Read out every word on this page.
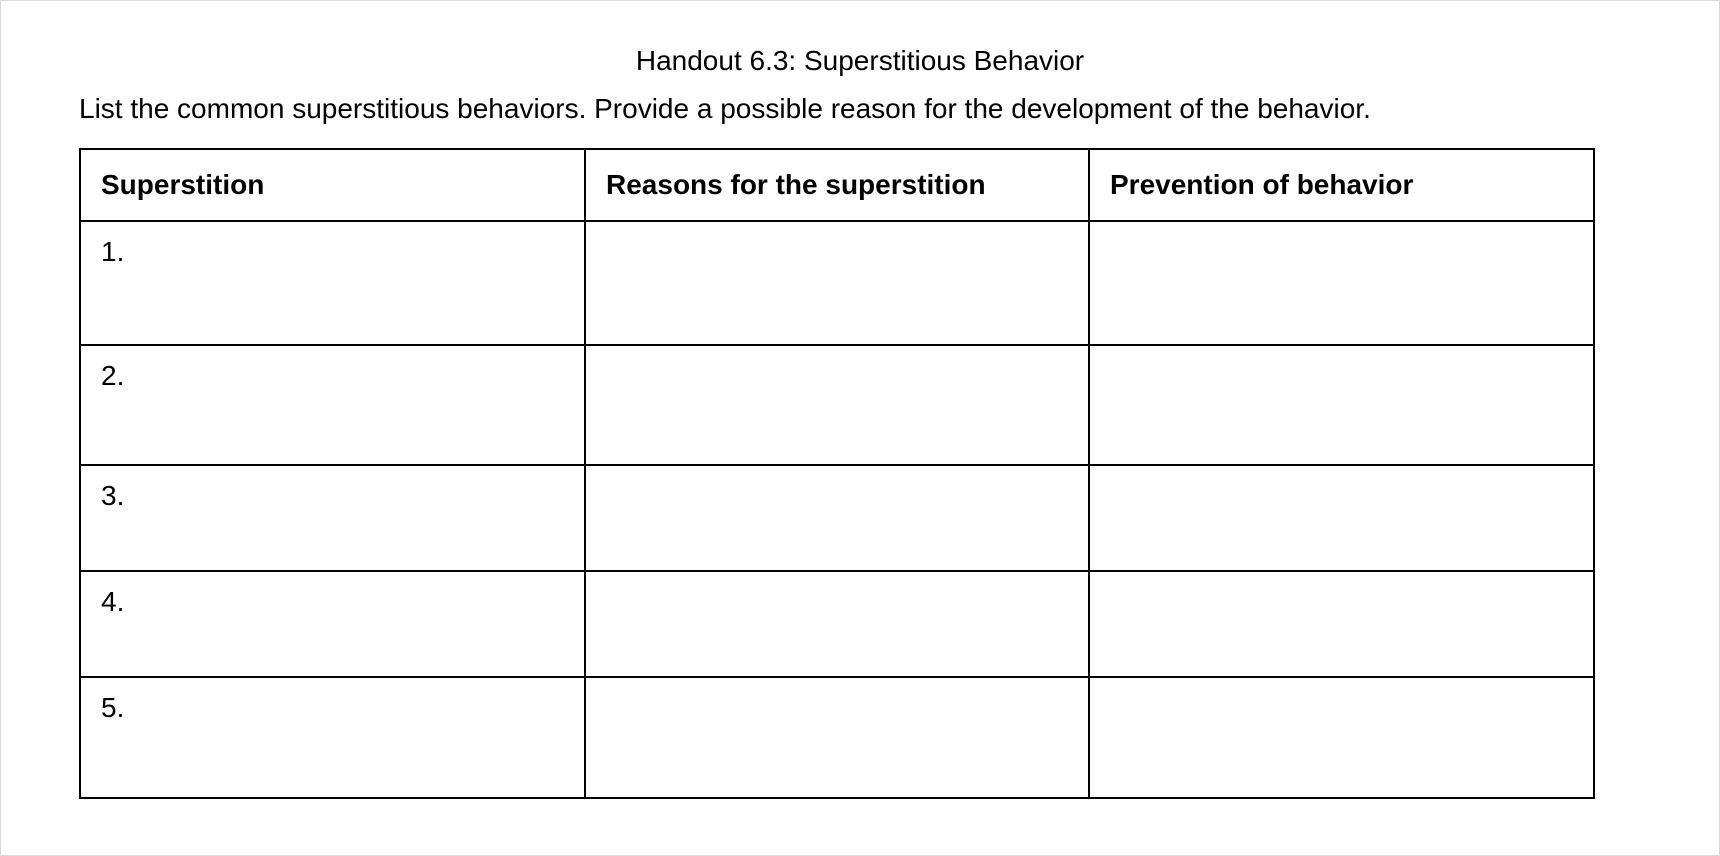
Handout 6.3: Superstitious Behavior
List the common superstitious behaviors. Provide a possible reason for the development of the behavior.
Superstition	Reasons for the superstition	Prevention of behavior
1.		
2.		
3.		
4.		
5.		
